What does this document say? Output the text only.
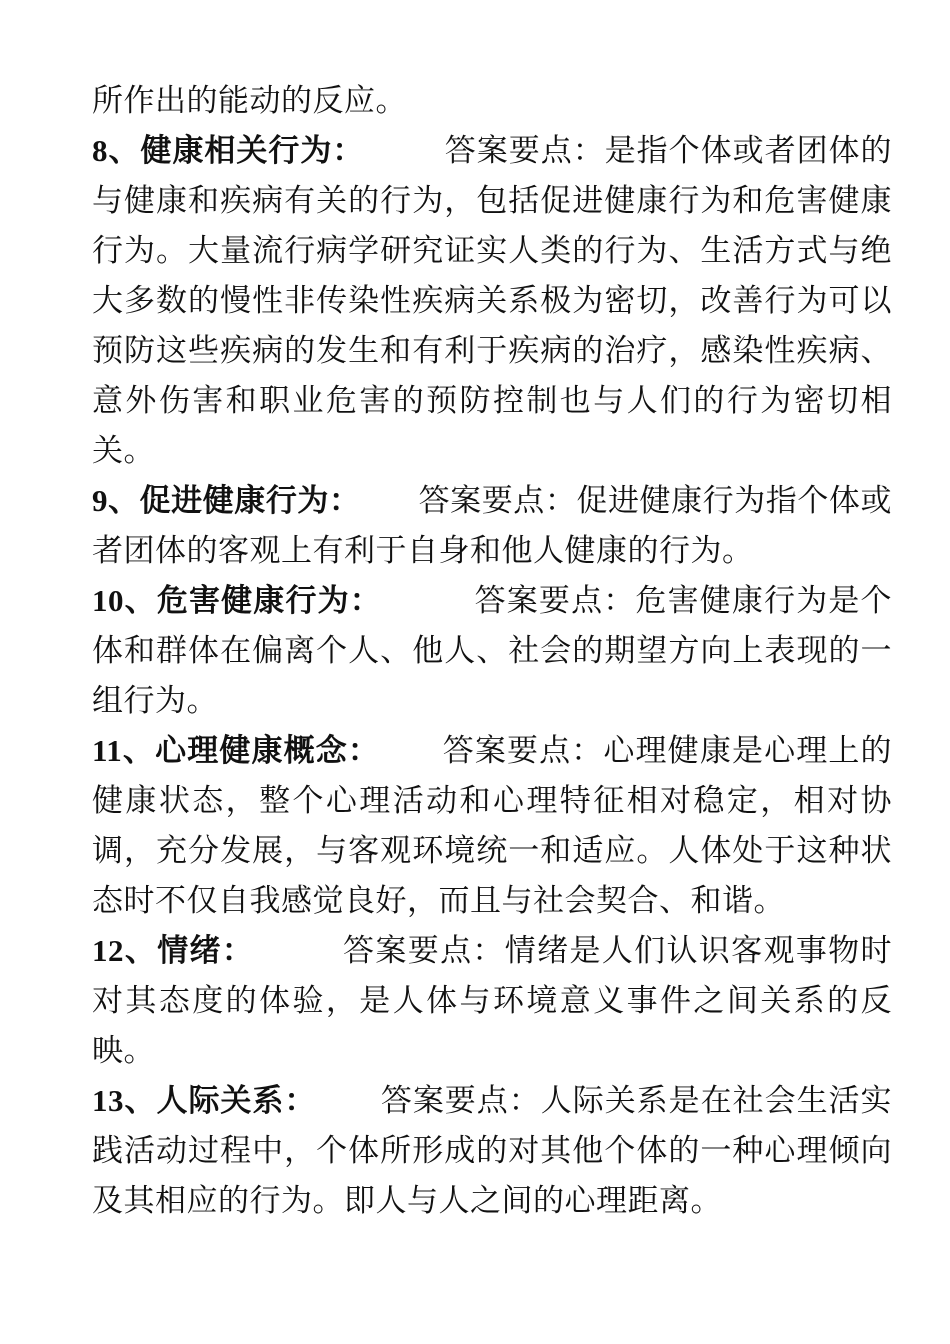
所作出的能动的反应。

8、健康相关行为：	答案要点：是指个体或者团体的与健康和疾病有关的行为，包括促进健康行为和危害健康行为。大量流行病学研究证实人类的行为、生活方式与绝大多数的慢性非传染性疾病关系极为密切，改善行为可以预防这些疾病的发生和有利于疾病的治疗，感染性疾病、意外伤害和职业危害的预防控制也与人们的行为密切相关。

9、促进健康行为： 答案要点：促进健康行为指个体或者团体的客观上有利于自身和他人健康的行为。

10、危害健康行为：	答案要点：危害健康行为是个体和群体在偏离个人、他人、社会的期望方向上表现的一组行为。

11、心理健康概念： 答案要点：心理健康是心理上的健康状态，整个心理活动和心理特征相对稳定，相对协调，充分发展，与客观环境统一和适应。人体处于这种状态时不仅自我感觉良好，而且与社会契合、和谐。

12、情绪：	答案要点：情绪是人们认识客观事物时对其态度的体验，是人体与环境意义事件之间关系的反映。

13、人际关系： 答案要点：人际关系是在社会生活实践活动过程中，个体所形成的对其他个体的一种心理倾向及其相应的行为。即人与人之间的心理距离。
